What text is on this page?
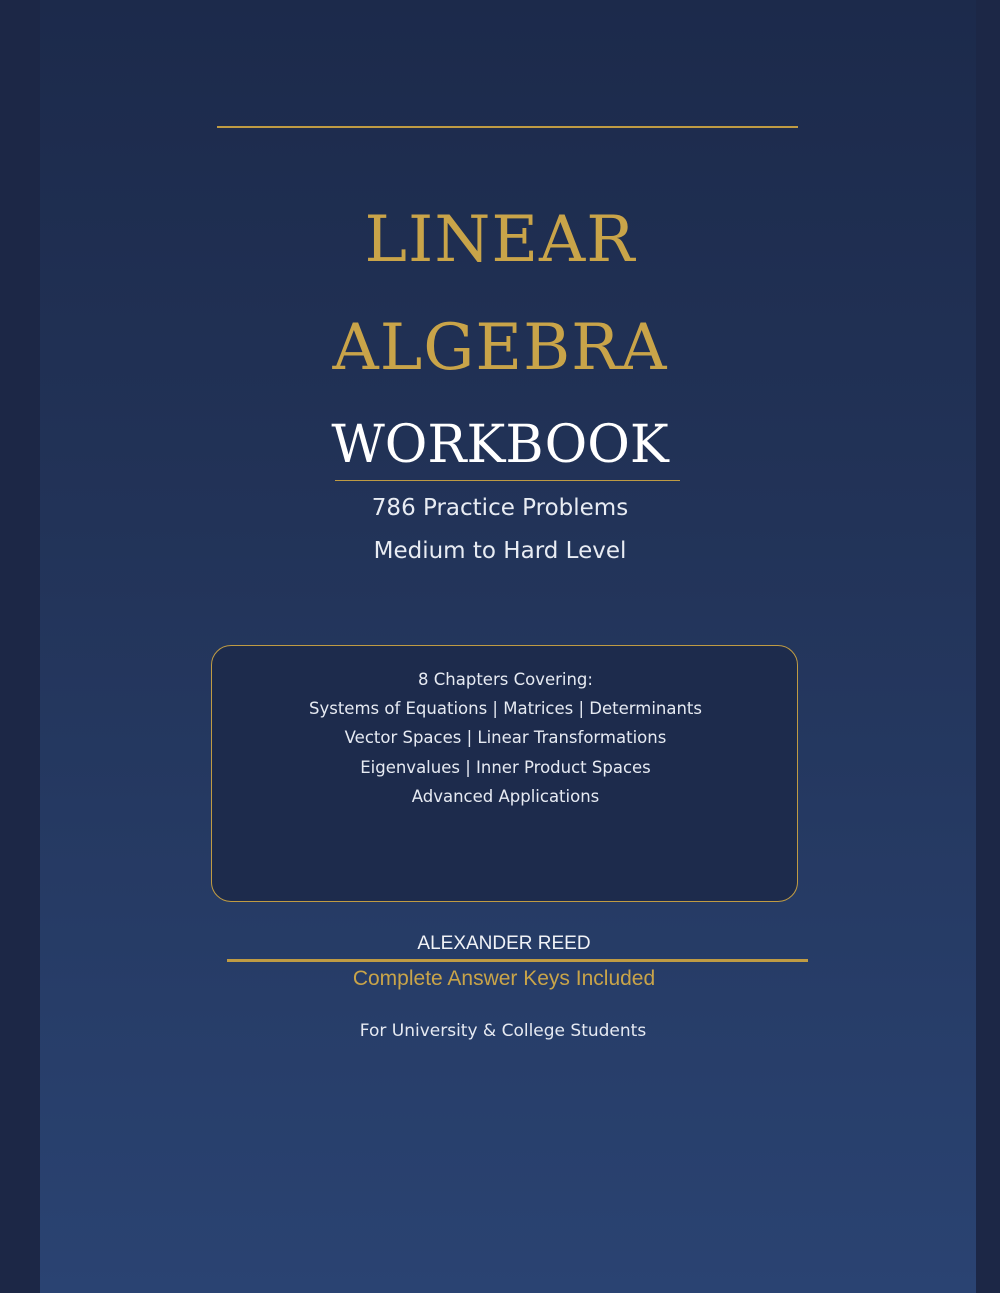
LINEAR
ALGEBRA
WORKBOOK
786 Practice Problems
Medium to Hard Level
8 Chapters Covering:
Systems of Equations | Matrices | Determinants
Vector Spaces | Linear Transformations
Eigenvalues | Inner Product Spaces
Advanced Applications
ALEXANDER REED
Complete Answer Keys Included
For University & College Students
